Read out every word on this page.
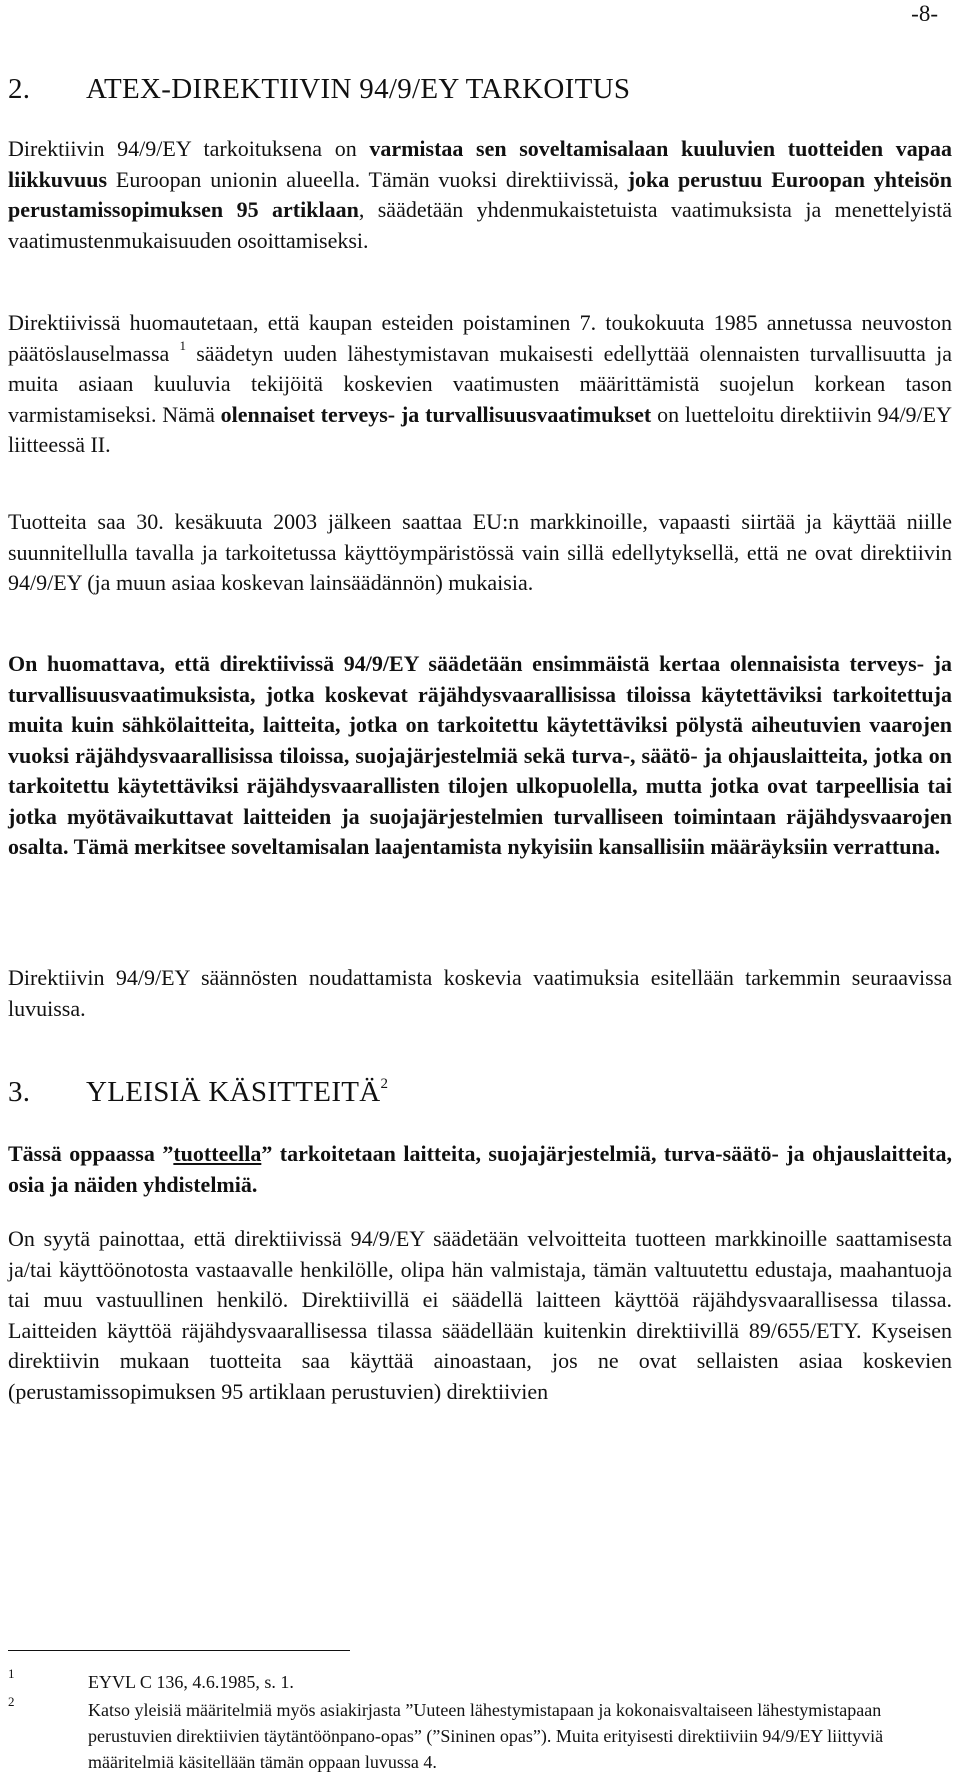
-8-
2. ATEX-DIREKTIIVIN 94/9/EY TARKOITUS
Direktiivin 94/9/EY tarkoituksena on varmistaa sen soveltamisalaan kuuluvien tuotteiden vapaa liikkuvuus Euroopan unionin alueella. Tämän vuoksi direktiivissä, joka perustuu Euroopan yhteisön perustamissopimuksen 95 artiklaan, säädetään yhdenmukaistetuista vaatimuksista ja menettelyistä vaatimustenmukaisuuden osoittamiseksi.
Direktiivissä huomautetaan, että kaupan esteiden poistaminen 7. toukokuuta 1985 annetussa neuvoston päätöslauselmassa $^1$ säädetyn uuden lähestymistavan mukaisesti edellyttää olennaisten turvallisuutta ja muita asiaan kuuluvia tekijöitä koskevien vaatimusten määrittämistä suojelun korkean tason varmistamiseksi. Nämä olennaiset terveys- ja turvallisuusvaatimukset on luetteloitu direktiivin 94/9/EY liitteessä II.
Tuotteita saa 30. kesäkuuta 2003 jälkeen saattaa EU:n markkinoille, vapaasti siirtää ja käyttää niille suunnitellulla tavalla ja tarkoitetussa käyttöympäristössä vain sillä edellytyksellä, että ne ovat direktiivin 94/9/EY (ja muun asiaa koskevan lainsäädännön) mukaisia.
On huomattava, että direktiivissä 94/9/EY säädetään ensimmäistä kertaa olennaisista terveys- ja turvallisuusvaatimuksista, jotka koskevat räjähdysvaarallisissa tiloissa käytettäviksi tarkoitettuja muita kuin sähkölaitteita, laitteita, jotka on tarkoitettu käytettäviksi pölystä aiheutuvien vaarojen vuoksi räjähdysvaarallisissa tiloissa, suojajärjestelmiä sekä turva-, säätö- ja ohjauslaitteita, jotka on tarkoitettu käytettäviksi räjähdysvaarallisten tilojen ulkopuolella, mutta jotka ovat tarpeellisia tai jotka myötävaikuttavat laitteiden ja suojajärjestelmien turvalliseen toimintaan räjähdysvaarojen osalta. Tämä merkitsee soveltamisalan laajentamista nykyisiin kansallisiin määräyksiin verrattuna.
Direktiivin 94/9/EY säännösten noudattamista koskevia vaatimuksia esitellään tarkemmin seuraavissa luvuissa.
3. YLEISIÄ KÄSITTEITÄ$^2$
Tässä oppaassa ”tuotteella” tarkoitetaan laitteita, suojajärjestelmiä, turva-säätö- ja ohjauslaitteita, osia ja näiden yhdistelmiä.
On syytä painottaa, että direktiivissä 94/9/EY säädetään velvoitteita tuotteen markkinoille saattamisesta ja/tai käyttöönotosta vastaavalle henkilölle, olipa hän valmistaja, tämän valtuutettu edustaja, maahantuoja tai muu vastuullinen henkilö. Direktiivillä ei säädellä laitteen käyttöä räjähdysvaarallisessa tilassa. Laitteiden käyttöä räjähdysvaarallisessa tilassa säädellään kuitenkin direktiivillä 89/655/ETY. Kyseisen direktiivin mukaan tuotteita saa käyttää ainoastaan, jos ne ovat sellaisten asiaa koskevien (perustamissopimuksen 95 artiklaan perustuvien) direktiivien
1	EYVL C 136, 4.6.1985, s. 1.
2	Katso yleisiä määritelmiä myös asiakirjasta ”Uuteen lähestymistapaan ja kokonaisvaltaiseen lähestymistapaan perustuvien direktiivien täytäntöönpano-opas” (”Sininen opas”). Muita erityisesti direktiiviin 94/9/EY liittyviä määritelmiä käsitellään tämän oppaan luvussa 4.
